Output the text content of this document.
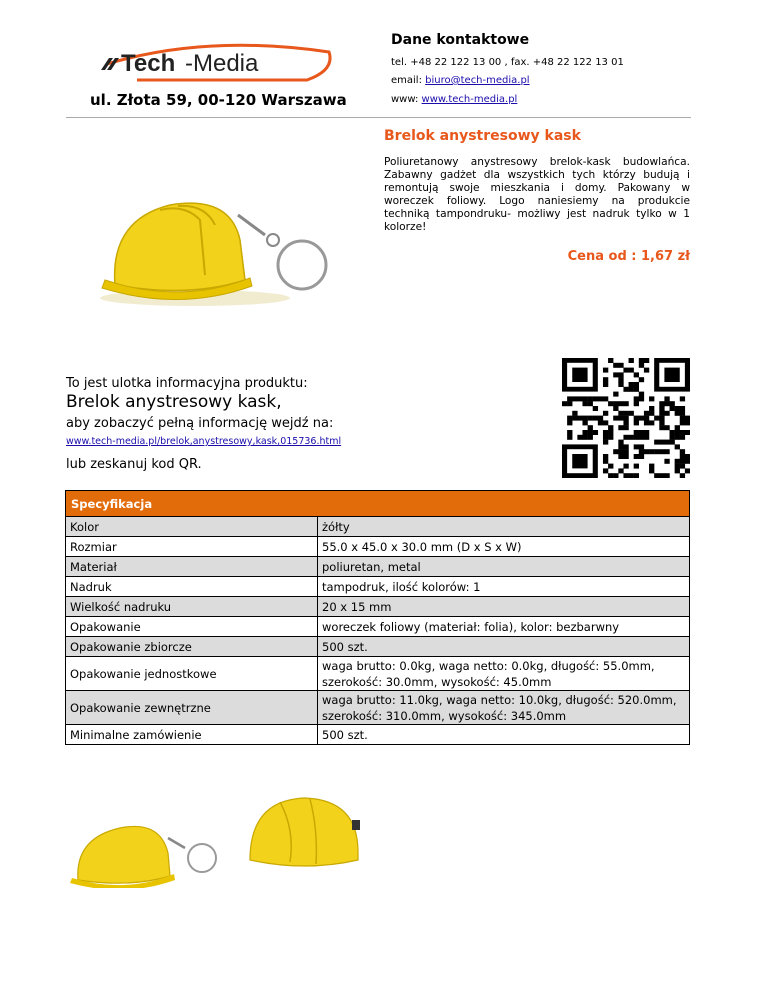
Tech -Media
ul. Złota 59, 00-120 Warszawa
Dane kontaktowe
tel. +48 22 122 13 00 , fax. +48 22 122 13 01
email: biuro@tech-media.pl
www: www.tech-media.pl
Brelok anystresowy kask
Poliuretanowy anystresowy brelok-kask budowlańca. Zabawny gadżet dla wszystkich tych którzy budują i remontują swoje mieszkania i domy. Pakowany w woreczek foliowy. Logo naniesiemy na produkcie techniką tampondruku- możliwy jest nadruk tylko w 1 kolorze!
Cena od : 1,67 zł
To jest ulotka informacyjna produktu:
Brelok anystresowy kask,
aby zobaczyć pełną informację wejdź na:
www.tech-media.pl/brelok,anystresowy,kask,015736.html
lub zeskanuj kod QR.
Specyfikacja	
Kolor	żółty
Rozmiar	55.0 x 45.0 x 30.0 mm (D x S x W)
Materiał	poliuretan, metal
Nadruk	tampodruk, ilość kolorów: 1
Wielkość nadruku	20 x 15 mm
Opakowanie	woreczek foliowy (materiał: folia), kolor: bezbarwny
Opakowanie zbiorcze	500 szt.
Opakowanie jednostkowe	waga brutto: 0.0kg, waga netto: 0.0kg, długość: 55.0mm, szerokość: 30.0mm, wysokość: 45.0mm
Opakowanie zewnętrzne	waga brutto: 11.0kg, waga netto: 10.0kg, długość: 520.0mm, szerokość: 310.0mm, wysokość: 345.0mm
Minimalne zamówienie	500 szt.
